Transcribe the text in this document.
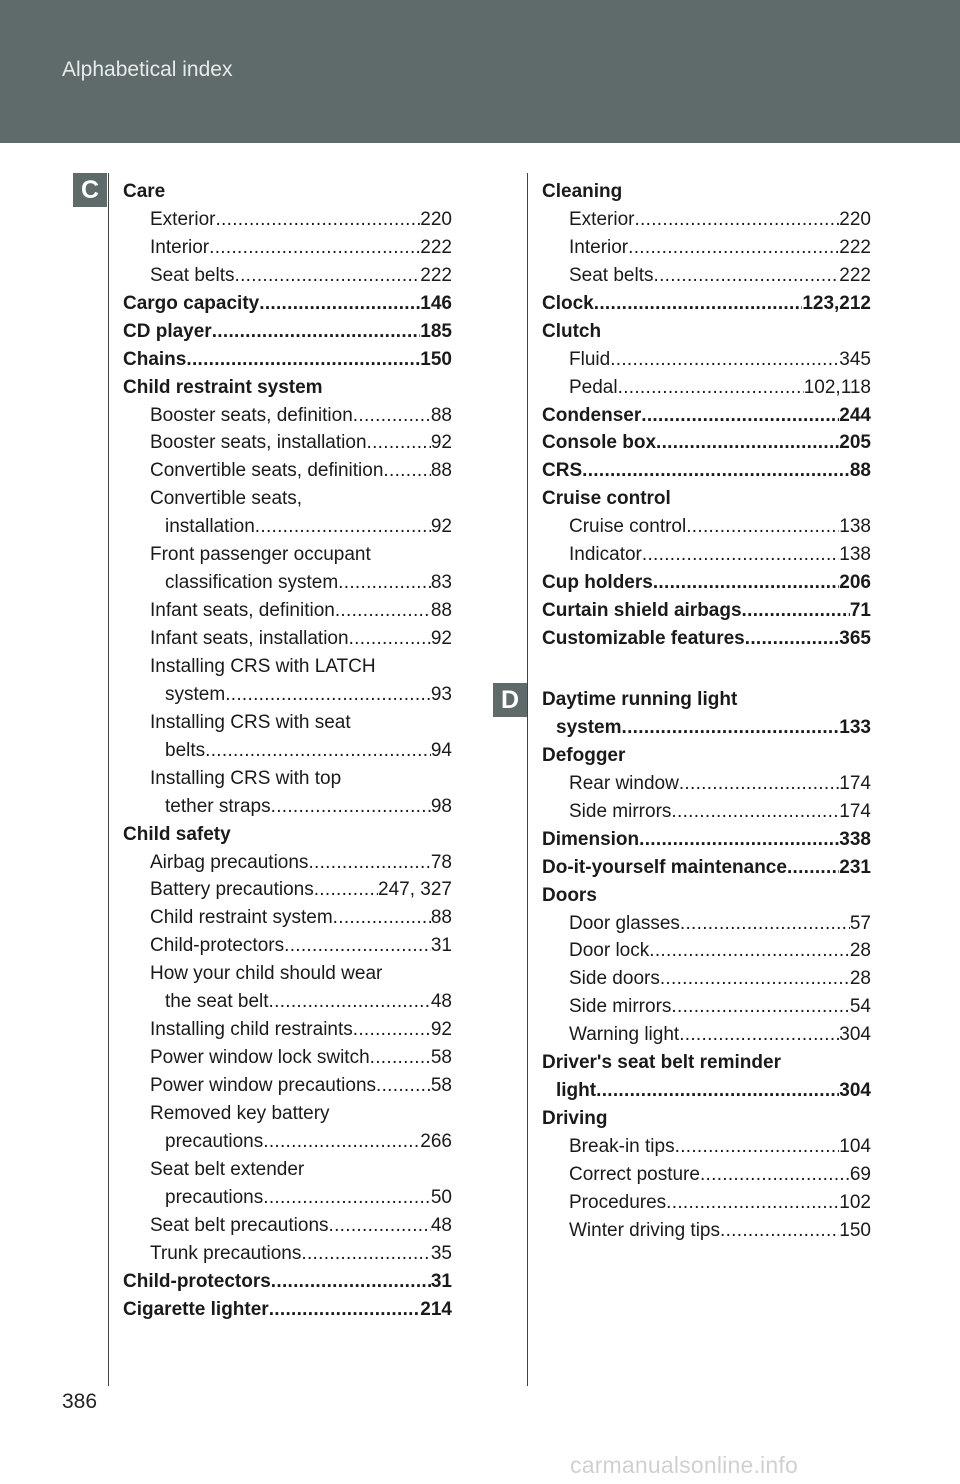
Alphabetical index
C
D
Care
Exterior .....	220
Interior .....	222
Seat belts .....	222
Cargo capacity .....	146
CD player .....	185
Chains .....	150
Child restraint system
Booster seats, definition .....	88
Booster seats, installation .....	92
Convertible seats, definition ..... 88
Convertible seats,
installation .....	92
Front passenger occupant
classification system .....	83
Infant seats, definition .....	88
Infant seats, installation .....	92
Installing CRS with LATCH
system .....	93
Installing CRS with seat
belts .....	94
Installing CRS with top
tether straps .....	98
Child safety
Airbag precautions .....	78
Battery precautions .....	247, 327
Child restraint system .....	88
Child-protectors .....	31
How your child should wear
the seat belt .....	48
Installing child restraints .....	92
Power window lock switch .....	58
Power window precautions .....	58
Removed key battery
precautions .....	266
Seat belt extender
precautions .....	50
Seat belt precautions .....	48
Trunk precautions .....	35
Child-protectors .....	31
Cigarette lighter .....	214
Cleaning
Exterior .....	220
Interior .....	222
Seat belts .....	222
Clock .....	123,212
Clutch
Fluid .....	345
Pedal .....	102,118
Condenser .....	244
Console box .....	205
CRS .....	88
Cruise control
Cruise control .....	138
Indicator .....	138
Cup holders .....	206
Curtain shield airbags .....	71
Customizable features .....	365
Daytime running light
system .....	133
Defogger
Rear window .....	174
Side mirrors .....	174
Dimension .....	338
Do-it-yourself maintenance .....	231
Doors
Door glasses .....	57
Door lock .....	28
Side doors .....	28
Side mirrors .....	54
Warning light .....	304
Driver's seat belt reminder
light .....	304
Driving
Break-in tips .....	104
Correct posture .....	69
Procedures .....	102
Winter driving tips .....	150
386
carmanualsonline.info
